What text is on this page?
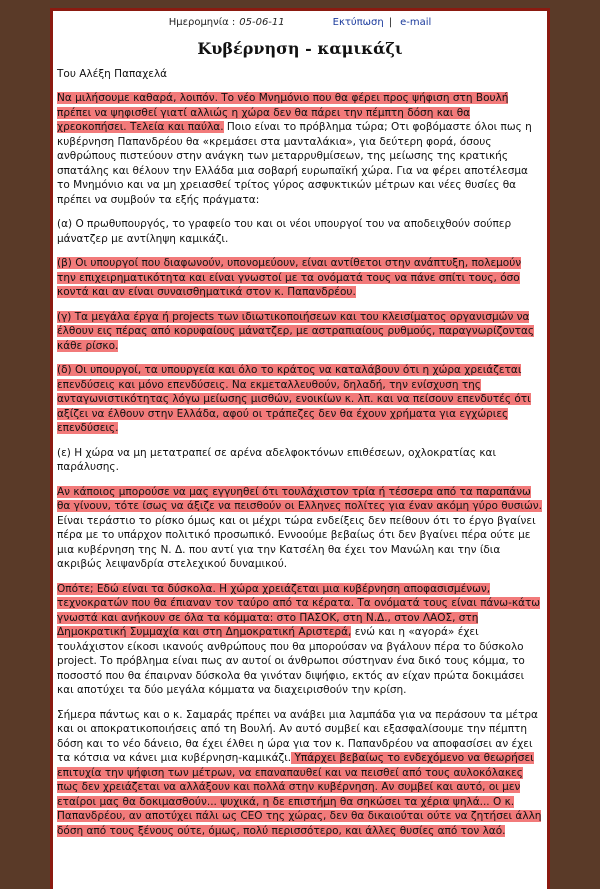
Ημερομηνία : 05-06-11	Εκτύπωση | e-mail
Κυβέρνηση - καμικάζι
Του Αλέξη Παπαχελά

Να μιλήσουμε καθαρά, λοιπόν. Το νέο Μνημόνιο που θα φέρει προς ψήφιση στη Βουλή πρέπει να ψηφισθεί γιατί αλλιώς η χώρα δεν θα πάρει την πέμπτη δόση και θα χρεοκοπήσει. Τελεία και παύλα. Ποιο είναι το πρόβλημα τώρα; Οτι φοβόμαστε όλοι πως η κυβέρνηση Παπανδρέου θα «κρεμάσει στα μανταλάκια», για δεύτερη φορά, όσους ανθρώπους πιστεύουν στην ανάγκη των μεταρρυθμίσεων, της μείωσης της κρατικής σπατάλης και θέλουν την Ελλάδα μια σοβαρή ευρωπαϊκή χώρα. Για να φέρει αποτέλεσμα το Μνημόνιο και να μη χρειασθεί τρίτος γύρος ασφυκτικών μέτρων και νέες θυσίες θα πρέπει να συμβούν τα εξής πράγματα:

(α) Ο πρωθυπουργός, το γραφείο του και οι νέοι υπουργοί του να αποδειχθούν σούπερ μάνατζερ με αντίληψη καμικάζι.

(β) Οι υπουργοί που διαφωνούν, υπονομεύουν, είναι αντίθετοι στην ανάπτυξη, πολεμούν την επιχειρηματικότητα και είναι γνωστοί με τα ονόματά τους να πάνε σπίτι τους, όσο κοντά και αν είναι συναισθηματικά στον κ. Παπανδρέου.

(γ) Τα μεγάλα έργα ή projects των ιδιωτικοποιήσεων και του κλεισίματος οργανισμών να έλθουν εις πέρας από κορυφαίους μάνατζερ, με αστραπιαίους ρυθμούς, παραγνωρίζοντας κάθε ρίσκο.

(δ) Οι υπουργοί, τα υπουργεία και όλο το κράτος να καταλάβουν ότι η χώρα χρειάζεται επενδύσεις και μόνο επενδύσεις. Να εκμεταλλευθούν, δηλαδή, την ενίσχυση της ανταγωνιστικότητας λόγω μείωσης μισθών, ενοικίων κ. λπ. και να πείσουν επενδυτές ότι αξίζει να έλθουν στην Ελλάδα, αφού οι τράπεζες δεν θα έχουν χρήματα για εγχώριες επενδύσεις.

(ε) Η χώρα να μη μετατραπεί σε αρένα αδελφοκτόνων επιθέσεων, οχλοκρατίας και παράλυσης.

Αν κάποιος μπορούσε να μας εγγυηθεί ότι τουλάχιστον τρία ή τέσσερα από τα παραπάνω θα γίνουν, τότε ίσως να άξιζε να πεισθούν οι Ελληνες πολίτες για έναν ακόμη γύρο θυσιών. Είναι τεράστιο το ρίσκο όμως και οι μέχρι τώρα ενδείξεις δεν πείθουν ότι το έργο βγαίνει πέρα με το υπάρχον πολιτικό προσωπικό. Εννοούμε βεβαίως ότι δεν βγαίνει πέρα ούτε με μια κυβέρνηση της Ν. Δ. που αντί για την Κατσέλη θα έχει τον Μανώλη και την ίδια ακριβώς λειψανδρία στελεχικού δυναμικού.

Οπότε; Εδώ είναι τα δύσκολα. Η χώρα χρειάζεται μια κυβέρνηση αποφασισμένων, τεχνοκρατών που θα έπιαναν τον ταύρο από τα κέρατα. Τα ονόματά τους είναι πάνω-κάτω γνωστά και ανήκουν σε όλα τα κόμματα: στο ΠΑΣΟΚ, στη Ν.Δ., στον ΛΑΟΣ, στη Δημοκρατική Συμμαχία και στη Δημοκρατική Αριστερά, ενώ και η «αγορά» έχει τουλάχιστον είκοσι ικανούς ανθρώπους που θα μπορούσαν να βγάλουν πέρα το δύσκολο project. Το πρόβλημα είναι πως αν αυτοί οι άνθρωποι σύστηναν ένα δικό τους κόμμα, το ποσοστό που θα έπαιρναν δύσκολα θα γινόταν διψήφιο, εκτός αν είχαν πρώτα δοκιμάσει και αποτύχει τα δύο μεγάλα κόμματα να διαχειρισθούν την κρίση.

Σήμερα πάντως και ο κ. Σαμαράς πρέπει να ανάβει μια λαμπάδα για να περάσουν τα μέτρα και οι αποκρατικοποιήσεις από τη Βουλή. Αν αυτό συμβεί και εξασφαλίσουμε την πέμπτη δόση και το νέο δάνειο, θα έχει έλθει η ώρα για τον κ. Παπανδρέου να αποφασίσει αν έχει τα κότσια να κάνει μια κυβέρνηση-καμικάζι. Υπάρχει βεβαίως το ενδεχόμενο να θεωρήσει επιτυχία την ψήφιση των μέτρων, να επαναπαυθεί και να πεισθεί από τους αυλοκόλακες πως δεν χρειάζεται να αλλάξουν και πολλά στην κυβέρνηση. Αν συμβεί και αυτό, οι μεν εταίροι μας θα δοκιμασθούν... ψυχικά, η δε επιστήμη θα σηκώσει τα χέρια ψηλά... Ο κ. Παπανδρέου, αν αποτύχει πάλι ως CEO της χώρας, δεν θα δικαιούται ούτε να ζητήσει άλλη δόση από τους ξένους ούτε, όμως, πολύ περισσότερο, και άλλες θυσίες από τον λαό.
